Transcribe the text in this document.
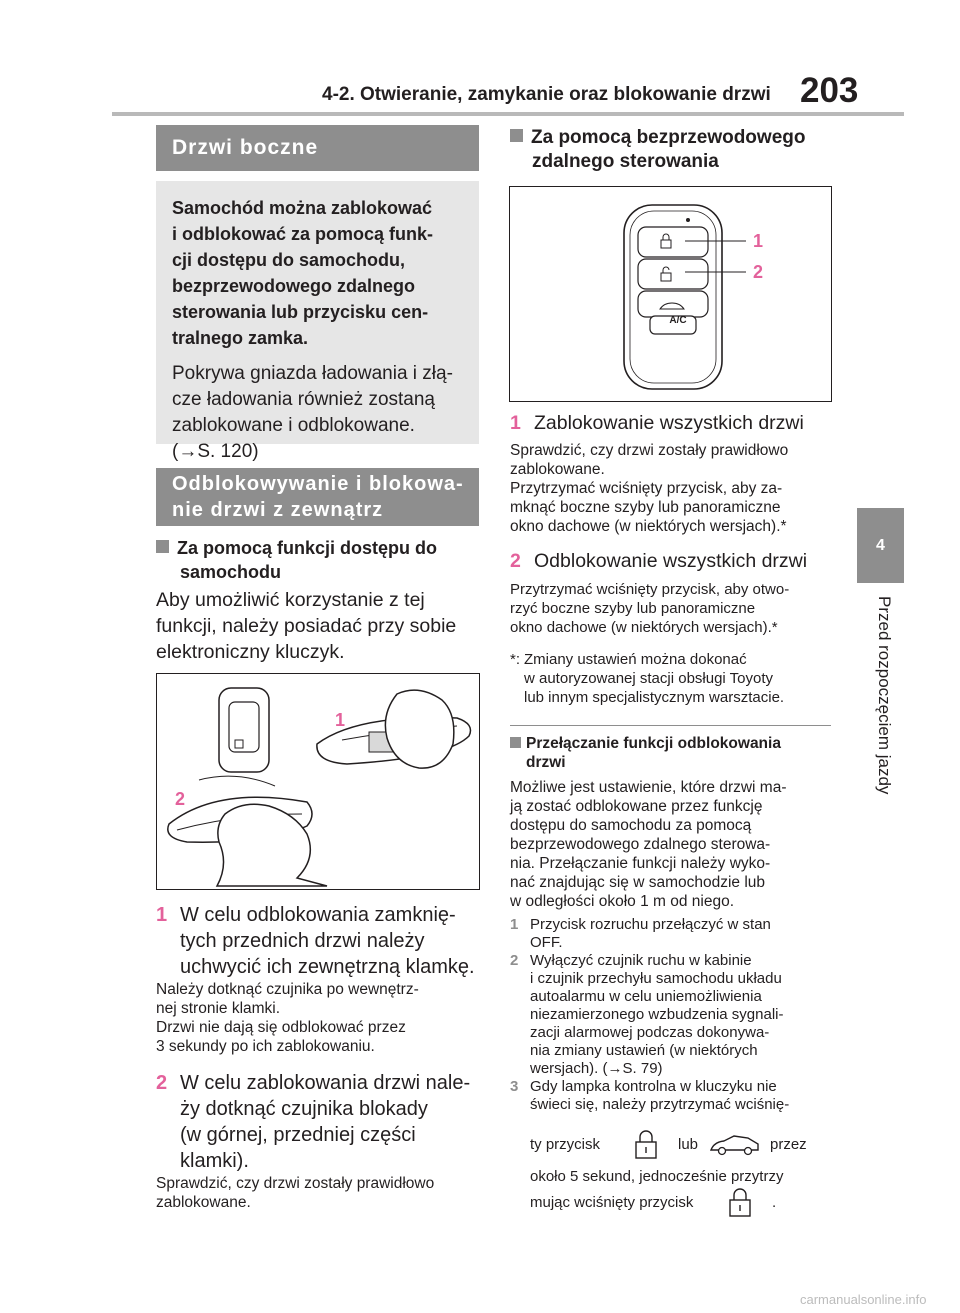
4-2. Otwieranie, zamykanie oraz blokowanie drzwi 203
4
Przed rozpoczęciem jazdy
Drzwi boczne
Samochód można zablokować
i odblokować za pomocą funk-
cji dostępu do samochodu,
bezprzewodowego zdalnego
sterowania lub przycisku cen-
tralnego zamka.
Pokrywa gniazda ładowania i złą-
cze ładowania również zostaną
zablokowane i odblokowane.
(→S. 120)
Odblokowywanie i blokowa-
nie drzwi z zewnątrz
Za pomocą funkcji dostępu do
samochodu
Aby umożliwić korzystanie z tej
funkcji, należy posiadać przy sobie
elektroniczny kluczyk.
1
2
1 W celu odblokowania zamknię-
tych przednich drzwi należy
uchwycić ich zewnętrzną klamkę.
Należy dotknąć czujnika po wewnętrz-
nej stronie klamki.
Drzwi nie dają się odblokować przez
3 sekundy po ich zablokowaniu.
2 W celu zablokowania drzwi nale-
ży dotknąć czujnika blokady
(w górnej, przedniej części
klamki).
Sprawdzić, czy drzwi zostały prawidłowo
zablokowane.
Za pomocą bezprzewodowego
zdalnego sterowania
A/C
1
2
1 Zablokowanie wszystkich drzwi
Sprawdzić, czy drzwi zostały prawidłowo
zablokowane.
Przytrzymać wciśnięty przycisk, aby za-
mknąć boczne szyby lub panoramiczne
okno dachowe (w niektórych wersjach).*
2 Odblokowanie wszystkich drzwi
Przytrzymać wciśnięty przycisk, aby otwo-
rzyć boczne szyby lub panoramiczne
okno dachowe (w niektórych wersjach).*
*: Zmiany ustawień można dokonać
w autoryzowanej stacji obsługi Toyoty
lub innym specjalistycznym warsztacie.
Przełączanie funkcji odblokowania
drzwi
Możliwe jest ustawienie, które drzwi ma-
ją zostać odblokowane przez funkcję
dostępu do samochodu za pomocą
bezprzewodowego zdalnego sterowa-
nia. Przełączanie funkcji należy wyko-
nać znajdując się w samochodzie lub
w odległości około 1 m od niego.
1 Przycisk rozruchu przełączyć w stan
OFF.
2 Wyłączyć czujnik ruchu w kabinie
i czujnik przechyłu samochodu układu
autoalarmu w celu uniemożliwienia
niezamierzonego wzbudzenia sygnali-
zacji alarmowej podczas dokonywa-
nia zmiany ustawień (w niektórych
wersjach). (→S. 79)
3 Gdy lampka kontrolna w kluczyku nie
świeci się, należy przytrzymać wciśnię-
ty przycisk	lub	przez
około 5 sekund, jednocześnie przytrzy
mując wciśnięty przycisk	.
carmanualsonline.info
